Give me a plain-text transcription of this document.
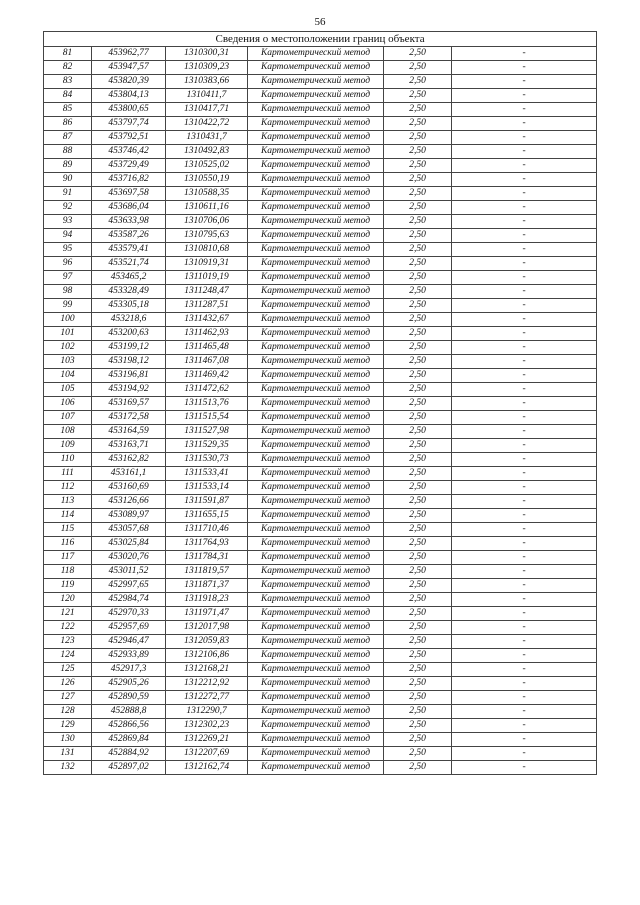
56
Сведения о местоположении границ объекта					
81	453962,77	1310300,31	Картометрический метод	2,50	-
82	453947,57	1310309,23	Картометрический метод	2,50	-
83	453820,39	1310383,66	Картометрический метод	2,50	-
84	453804,13	1310411,7	Картометрический метод	2,50	-
85	453800,65	1310417,71	Картометрический метод	2,50	-
86	453797,74	1310422,72	Картометрический метод	2,50	-
87	453792,51	1310431,7	Картометрический метод	2,50	-
88	453746,42	1310492,83	Картометрический метод	2,50	-
89	453729,49	1310525,02	Картометрический метод	2,50	-
90	453716,82	1310550,19	Картометрический метод	2,50	-
91	453697,58	1310588,35	Картометрический метод	2,50	-
92	453686,04	1310611,16	Картометрический метод	2,50	-
93	453633,98	1310706,06	Картометрический метод	2,50	-
94	453587,26	1310795,63	Картометрический метод	2,50	-
95	453579,41	1310810,68	Картометрический метод	2,50	-
96	453521,74	1310919,31	Картометрический метод	2,50	-
97	453465,2	1311019,19	Картометрический метод	2,50	-
98	453328,49	1311248,47	Картометрический метод	2,50	-
99	453305,18	1311287,51	Картометрический метод	2,50	-
100	453218,6	1311432,67	Картометрический метод	2,50	-
101	453200,63	1311462,93	Картометрический метод	2,50	-
102	453199,12	1311465,48	Картометрический метод	2,50	-
103	453198,12	1311467,08	Картометрический метод	2,50	-
104	453196,81	1311469,42	Картометрический метод	2,50	-
105	453194,92	1311472,62	Картометрический метод	2,50	-
106	453169,57	1311513,76	Картометрический метод	2,50	-
107	453172,58	1311515,54	Картометрический метод	2,50	-
108	453164,59	1311527,98	Картометрический метод	2,50	-
109	453163,71	1311529,35	Картометрический метод	2,50	-
110	453162,82	1311530,73	Картометрический метод	2,50	-
111	453161,1	1311533,41	Картометрический метод	2,50	-
112	453160,69	1311533,14	Картометрический метод	2,50	-
113	453126,66	1311591,87	Картометрический метод	2,50	-
114	453089,97	1311655,15	Картометрический метод	2,50	-
115	453057,68	1311710,46	Картометрический метод	2,50	-
116	453025,84	1311764,93	Картометрический метод	2,50	-
117	453020,76	1311784,31	Картометрический метод	2,50	-
118	453011,52	1311819,57	Картометрический метод	2,50	-
119	452997,65	1311871,37	Картометрический метод	2,50	-
120	452984,74	1311918,23	Картометрический метод	2,50	-
121	452970,33	1311971,47	Картометрический метод	2,50	-
122	452957,69	1312017,98	Картометрический метод	2,50	-
123	452946,47	1312059,83	Картометрический метод	2,50	-
124	452933,89	1312106,86	Картометрический метод	2,50	-
125	452917,3	1312168,21	Картометрический метод	2,50	-
126	452905,26	1312212,92	Картометрический метод	2,50	-
127	452890,59	1312272,77	Картометрический метод	2,50	-
128	452888,8	1312290,7	Картометрический метод	2,50	-
129	452866,56	1312302,23	Картометрический метод	2,50	-
130	452869,84	1312269,21	Картометрический метод	2,50	-
131	452884,92	1312207,69	Картометрический метод	2,50	-
132	452897,02	1312162,74	Картометрический метод	2,50	-
